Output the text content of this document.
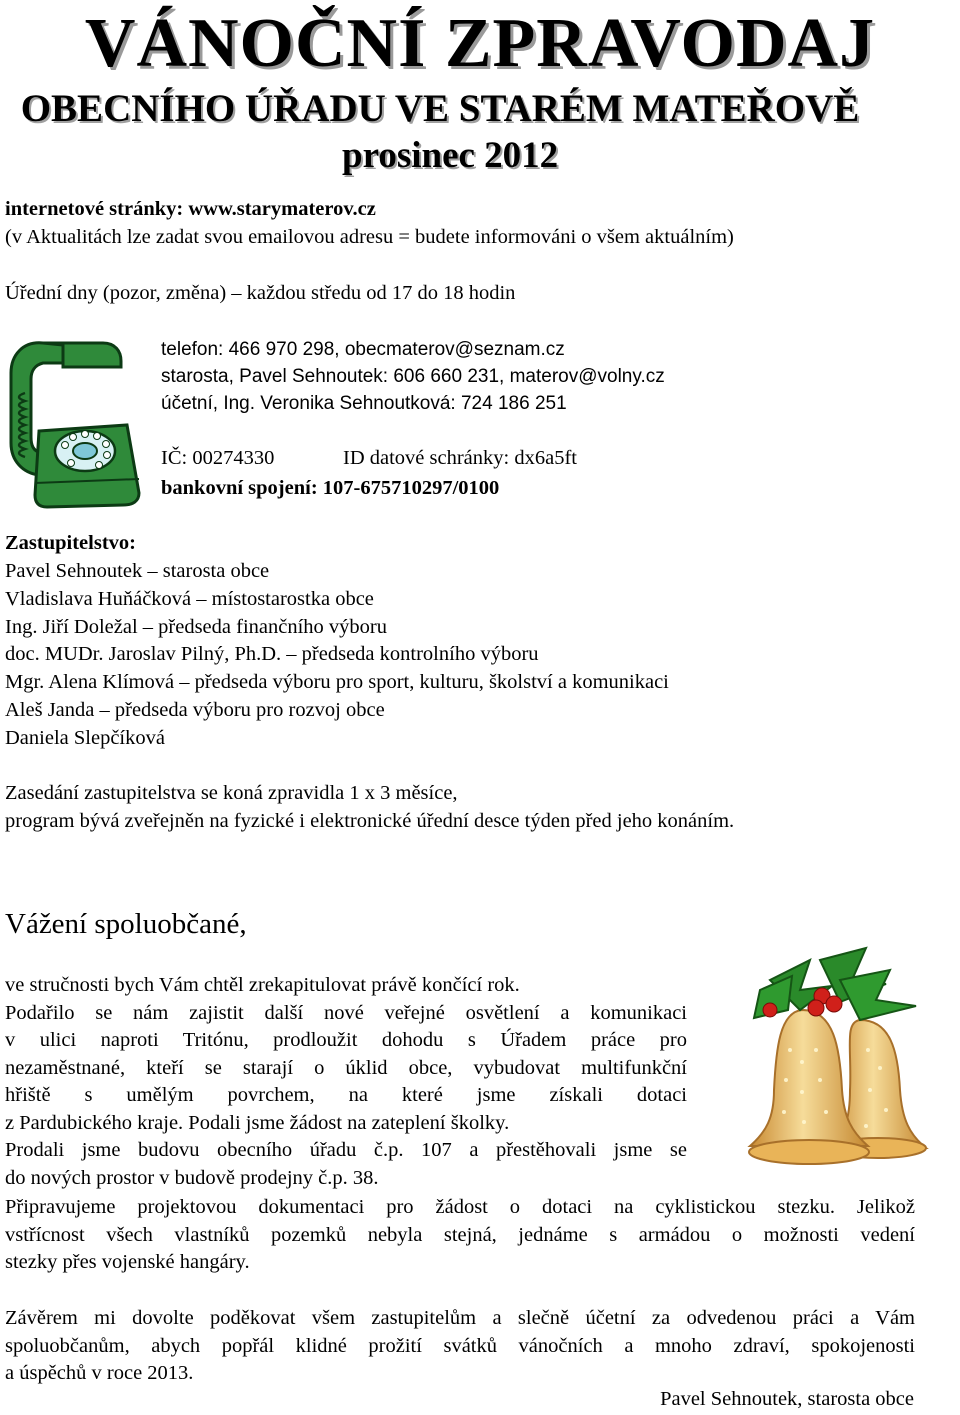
VÁNOČNÍ ZPRAVODAJ
OBECNÍHO ÚŘADU VE STARÉM MATEŘOVĚ
prosinec 2012
internetové stránky: www.starymaterov.cz
(v Aktualitách lze zadat svou emailovou adresu = budete informováni o všem aktuálním)
Úřední dny (pozor, změna) – každou středu od 17 do 18 hodin
telefon: 466 970 298, obecmaterov@seznam.cz
starosta, Pavel Sehnoutek: 606 660 231, materov@volny.cz
účetní, Ing. Veronika Sehnoutková: 724 186 251
IČ: 00274330	ID datové schránky: dx6a5ft
bankovní spojení: 107-675710297/0100
Zastupitelstvo:
Pavel Sehnoutek – starosta obce
Vladislava Huňáčková – místostarostka obce
Ing. Jiří Doležal – předseda finančního výboru
doc. MUDr. Jaroslav Pilný, Ph.D. – předseda kontrolního výboru
Mgr. Alena Klímová – předseda výboru pro sport, kulturu, školství a komunikaci
Aleš Janda – předseda výboru pro rozvoj obce
Daniela Slepčíková
Zasedání zastupitelstva se koná zpravidla 1 x 3 měsíce,
program bývá zveřejněn na fyzické i elektronické úřední desce týden před jeho konáním.
Vážení spoluobčané,
ve stručnosti bych Vám chtěl zrekapitulovat právě končící rok.
Podařilo se nám zajistit další nové veřejné osvětlení a komunikaci
v ulici naproti Tritónu, prodloužit dohodu s Úřadem práce pro
nezaměstnané, kteří se starají o úklid obce, vybudovat multifunkční
hřiště s umělým povrchem, na které jsme získali dotaci
z Pardubického kraje. Podali jsme žádost na zateplení školky.
Prodali jsme budovu obecního úřadu č.p. 107 a přestěhovali jsme se
do nových prostor v budově prodejny č.p. 38.
Připravujeme projektovou dokumentaci pro žádost o dotaci na cyklistickou stezku. Jelikož
vstřícnost všech vlastníků pozemků nebyla stejná, jednáme s armádou o možnosti vedení
stezky přes vojenské hangáry.
Závěrem mi dovolte poděkovat všem zastupitelům a slečně účetní za odvedenou práci a Vám
spoluobčanům, abych popřál klidné prožití svátků vánočních a mnoho zdraví, spokojenosti
a úspěchů v roce 2013.
Pavel Sehnoutek, starosta obce
